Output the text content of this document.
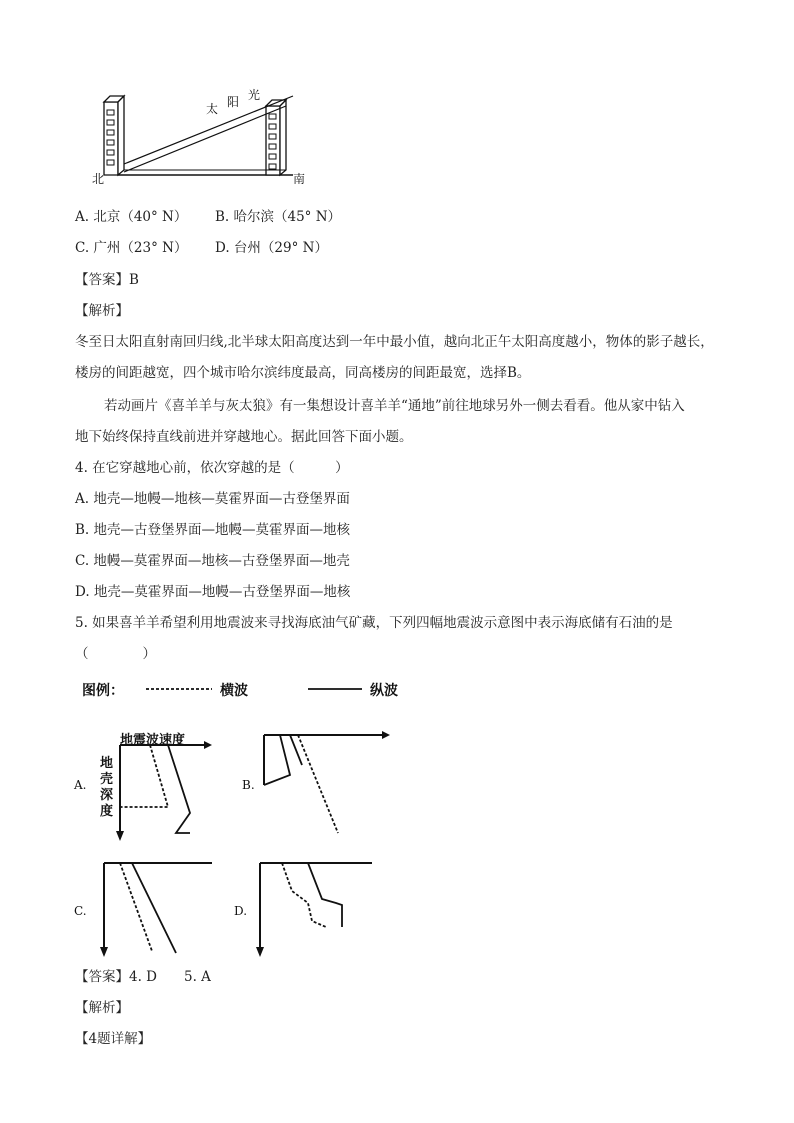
太 阳 光
北	南
A. 北京（40° N） B. 哈尔滨（45° N）
C. 广州（23° N） D. 台州（29° N）
【答案】B
【解析】
冬至日太阳直射南回归线,北半球太阳高度达到一年中最小值，越向北正午太阳高度越小，物体的影子越长，
楼房的间距越宽，四个城市哈尔滨纬度最高，同高楼房的间距最宽，选择B。
若动画片《喜羊羊与灰太狼》有一集想设计喜羊羊“通地”前往地球另外一侧去看看。他从家中钻入
地下始终保持直线前进并穿越地心。据此回答下面小题。
4. 在它穿越地心前，依次穿越的是（　　　）
A. 地壳—地幔—地核—莫霍界面—古登堡界面
B. 地壳—古登堡界面—地幔—莫霍界面—地核
C. 地幔—莫霍界面—地核—古登堡界面—地壳
D. 地壳—莫霍界面—地幔—古登堡界面—地核
5. 如果喜羊羊希望利用地震波来寻找海底油气矿藏，下列四幅地震波示意图中表示海底储有石油的是
（　　　　）
图例：	横波	纵波
A.
地震波速度
地
壳
深
度
B.
C.	D.
【答案】4. D　　5. A
【解析】
【4题详解】
